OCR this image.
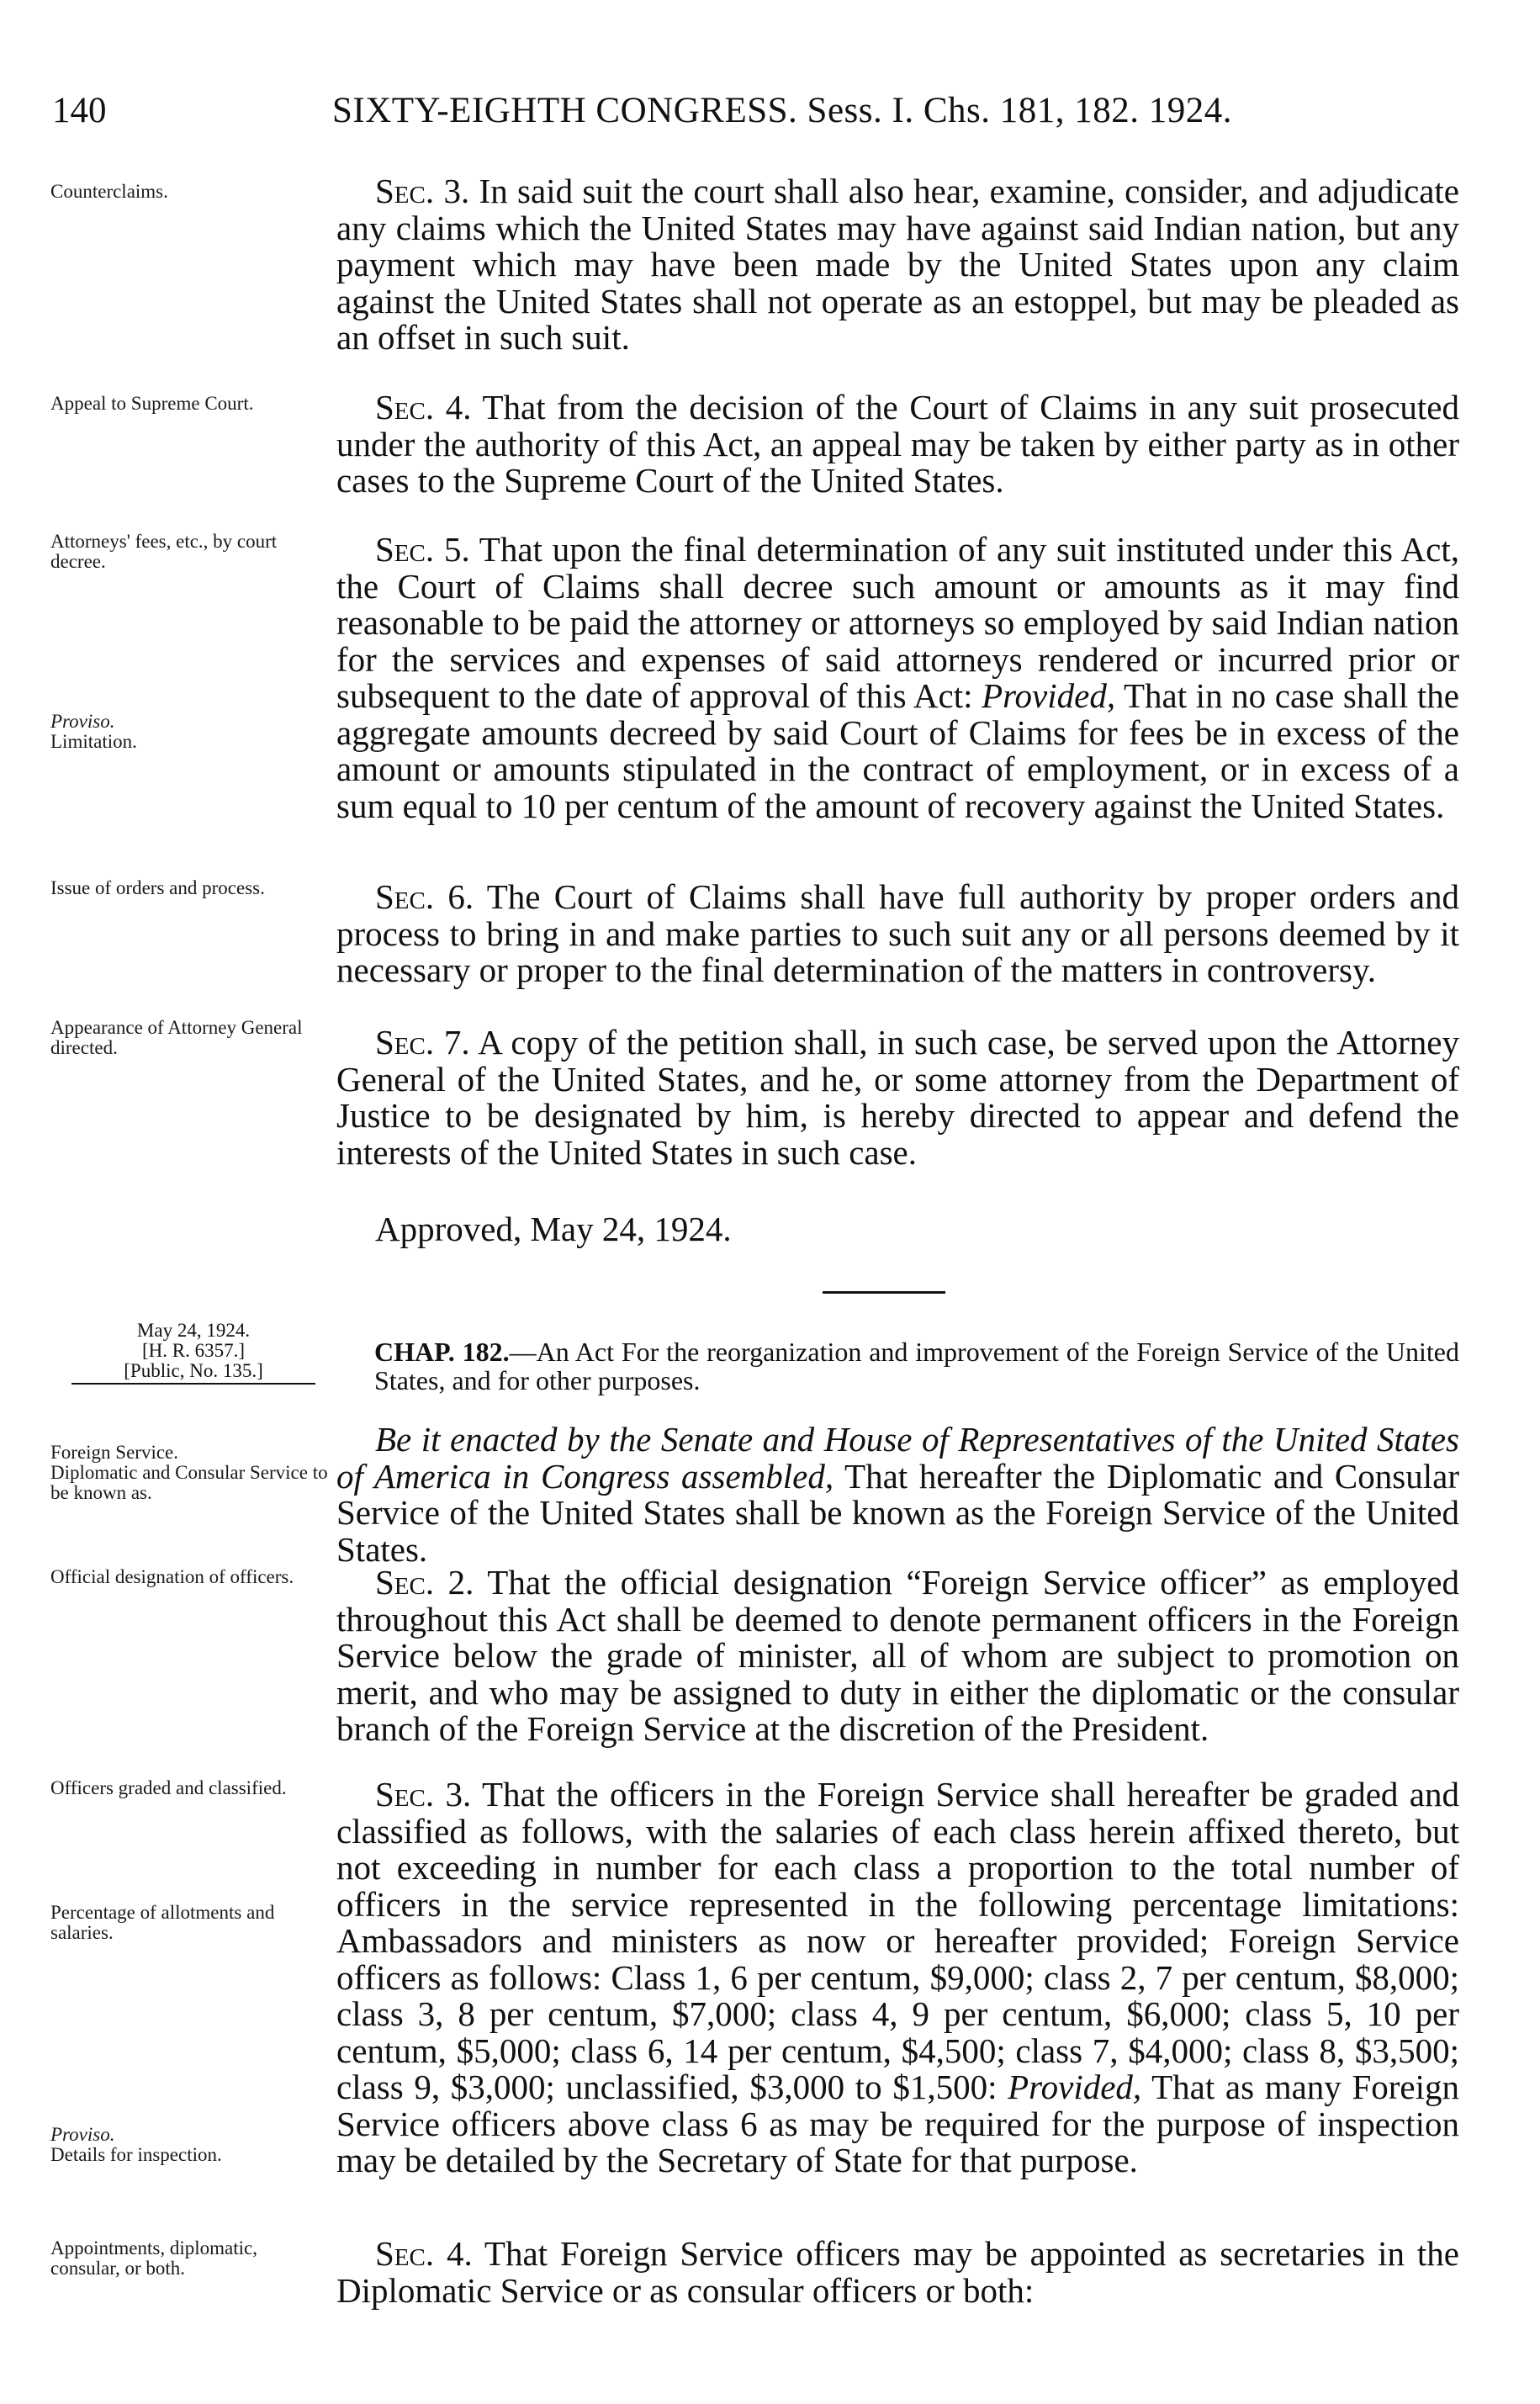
140	SIXTY-EIGHTH CONGRESS. Sess. I. Chs. 181, 182. 1924.
Counterclaims.
Appeal to Supreme Court.
Attorneys' fees, etc., by court decree.
Proviso.
Limitation.
Issue of orders and process.
Appearance of Attorney General directed.
Foreign Service.
Diplomatic and Consular Service to be known as.
Official designation of officers.
Officers graded and classified.
Percentage of allotments and salaries.
Proviso.
Details for inspection.
Appointments, diplomatic, consular, or both.
Sec. 3. In said suit the court shall also hear, examine, consider, and adjudicate any claims which the United States may have against said Indian nation, but any payment which may have been made by the United States upon any claim against the United States shall not operate as an estoppel, but may be pleaded as an offset in such suit.
Sec. 4. That from the decision of the Court of Claims in any suit prosecuted under the authority of this Act, an appeal may be taken by either party as in other cases to the Supreme Court of the United States.
Sec. 5. That upon the final determination of any suit instituted under this Act, the Court of Claims shall decree such amount or amounts as it may find reasonable to be paid the attorney or attorneys so employed by said Indian nation for the services and expenses of said attorneys rendered or incurred prior or subsequent to the date of approval of this Act: Provided, That in no case shall the aggregate amounts decreed by said Court of Claims for fees be in excess of the amount or amounts stipulated in the contract of employment, or in excess of a sum equal to 10 per centum of the amount of recovery against the United States.
Sec. 6. The Court of Claims shall have full authority by proper orders and process to bring in and make parties to such suit any or all persons deemed by it necessary or proper to the final determination of the matters in controversy.
Sec. 7. A copy of the petition shall, in such case, be served upon the Attorney General of the United States, and he, or some attorney from the Department of Justice to be designated by him, is hereby directed to appear and defend the interests of the United States in such case.
Approved, May 24, 1924.
May 24, 1924.
[H. R. 6357.]
[Public, No. 135.]
CHAP. 182.—An Act For the reorganization and improvement of the Foreign Service of the United States, and for other purposes.
Be it enacted by the Senate and House of Representatives of the United States of America in Congress assembled, That hereafter the Diplomatic and Consular Service of the United States shall be known as the Foreign Service of the United States.
Sec. 2. That the official designation “Foreign Service officer” as employed throughout this Act shall be deemed to denote permanent officers in the Foreign Service below the grade of minister, all of whom are subject to promotion on merit, and who may be assigned to duty in either the diplomatic or the consular branch of the Foreign Service at the discretion of the President.
Sec. 3. That the officers in the Foreign Service shall hereafter be graded and classified as follows, with the salaries of each class herein affixed thereto, but not exceeding in number for each class a proportion to the total number of officers in the service represented in the following percentage limitations: Ambassadors and ministers as now or hereafter provided; Foreign Service officers as follows: Class 1, 6 per centum, $9,000; class 2, 7 per centum, $8,000; class 3, 8 per centum, $7,000; class 4, 9 per centum, $6,000; class 5, 10 per centum, $5,000; class 6, 14 per centum, $4,500; class 7, $4,000; class 8, $3,500; class 9, $3,000; unclassified, $3,000 to $1,500: Provided, That as many Foreign Service officers above class 6 as may be required for the purpose of inspection may be detailed by the Secretary of State for that purpose.
Sec. 4. That Foreign Service officers may be appointed as secretaries in the Diplomatic Service or as consular officers or both:
